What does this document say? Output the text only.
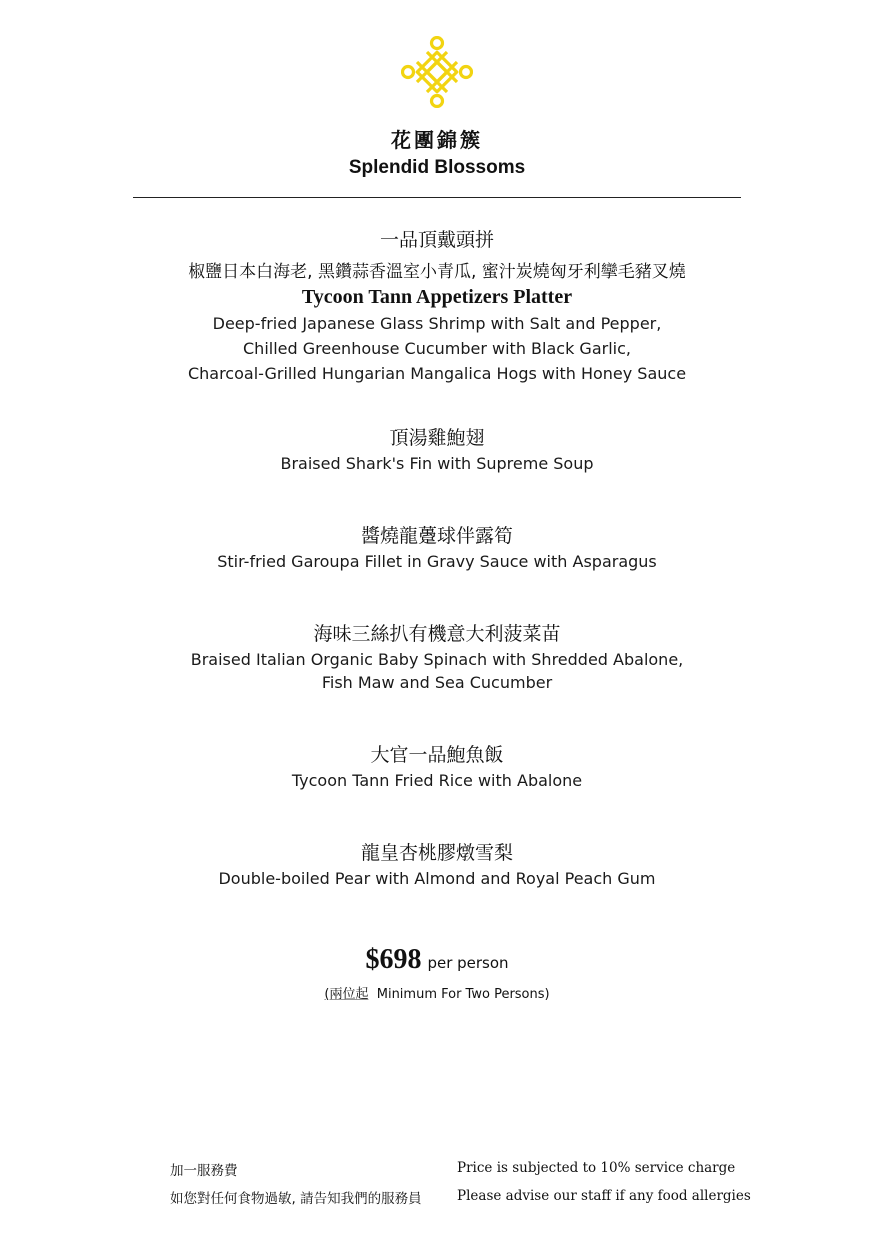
花團錦簇
Splendid Blossoms
一品頂戴頭拼
椒鹽日本白海老, 黑鑽蒜香溫室小青瓜, 蜜汁炭燒匈牙利攣毛豬叉燒
Tycoon Tann Appetizers Platter
Deep-fried Japanese Glass Shrimp with Salt and Pepper,
Chilled Greenhouse Cucumber with Black Garlic,
Charcoal-Grilled Hungarian Mangalica Hogs with Honey Sauce
頂湯雞鮑翅
Braised Shark's Fin with Supreme Soup
醬燒龍躉球伴露筍
Stir-fried Garoupa Fillet in Gravy Sauce with Asparagus
海味三絲扒有機意大利菠菜苗
Braised Italian Organic Baby Spinach with Shredded Abalone,
Fish Maw and Sea Cucumber
大官一品鮑魚飯
Tycoon Tann Fried Rice with Abalone
龍皇杏桃膠燉雪梨
Double-boiled Pear with Almond and Royal Peach Gum
$698 per person
(兩位起 Minimum For Two Persons)
加一服務費	Price is subjected to 10% service charge
如您對任何食物過敏, 請告知我們的服務員	Please advise our staff if any food allergies
